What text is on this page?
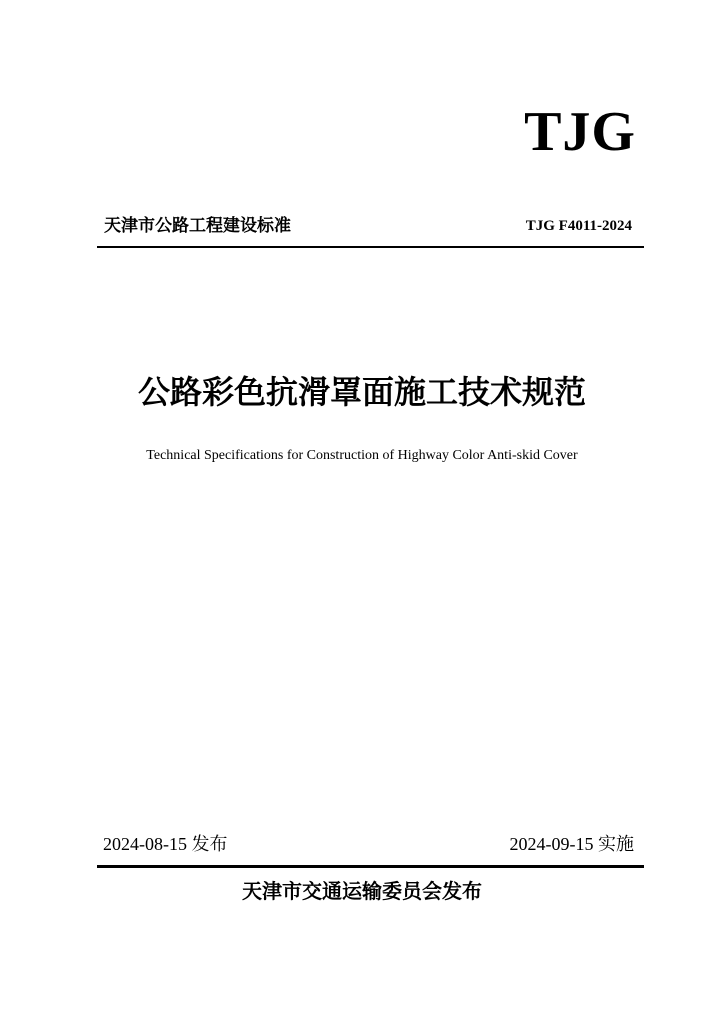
TJG
天津市公路工程建设标准	TJG F4011-2024
公路彩色抗滑罩面施工技术规范
Technical Specifications for Construction of Highway Color Anti-skid Cover
2024-08-15 发布	2024-09-15 实施
天津市交通运输委员会发布
